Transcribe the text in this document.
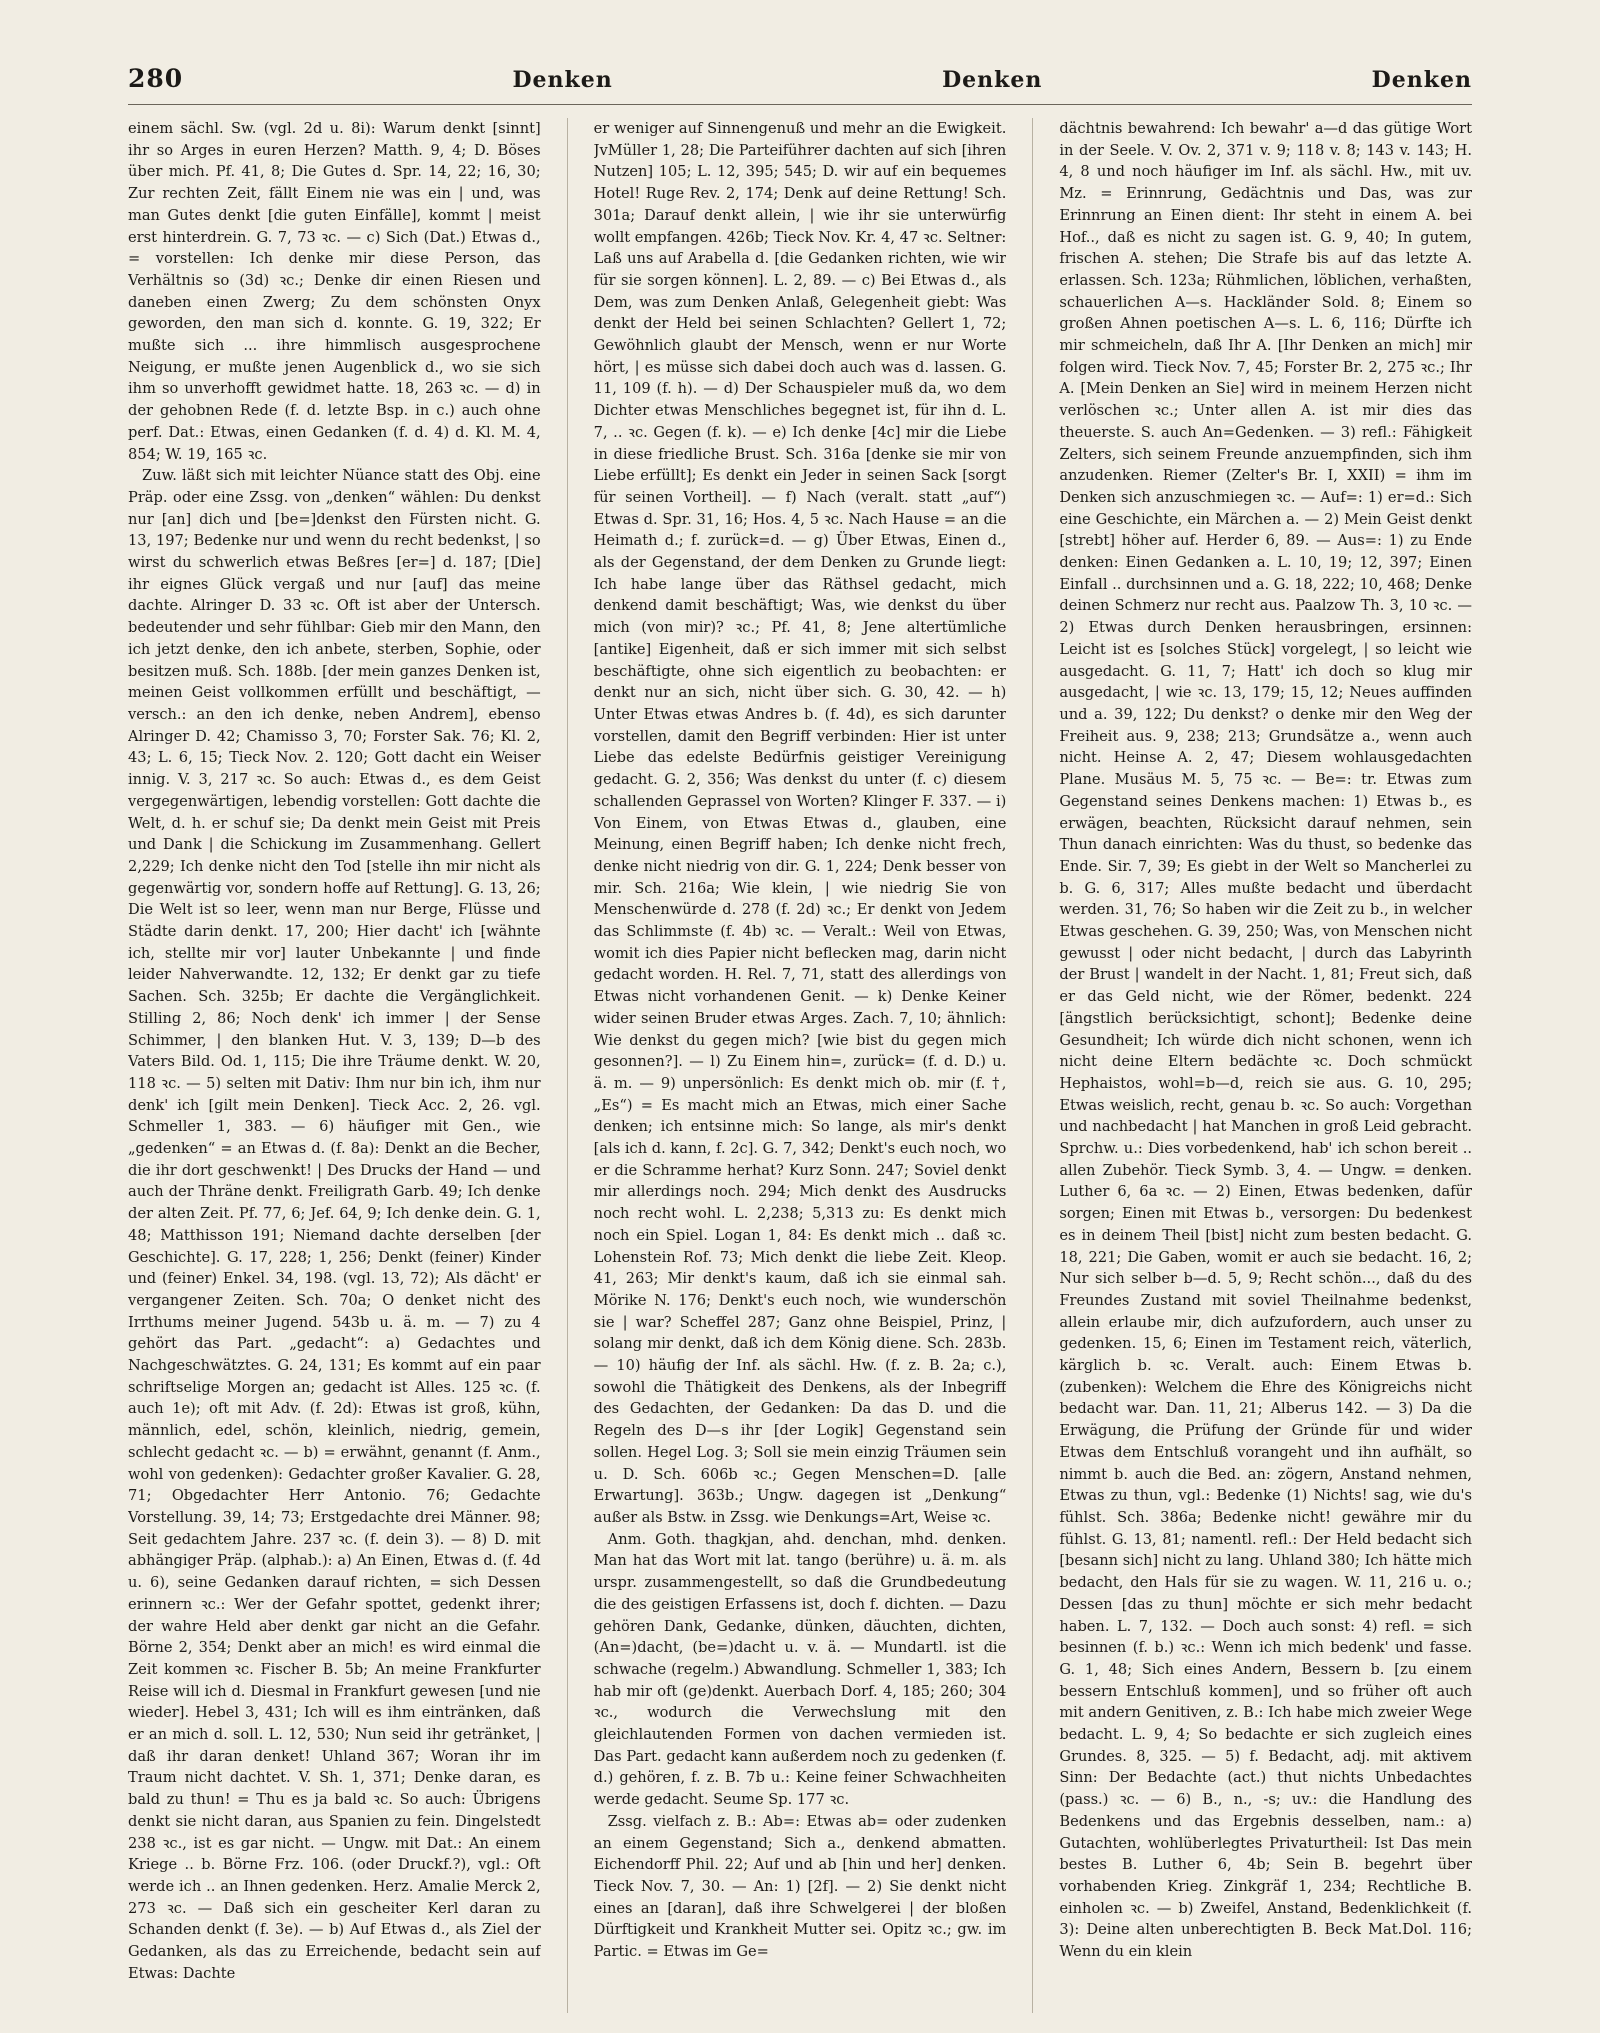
280	Denken	Denken	Denken

einem sächl. Sw. (vgl. 2d u. 8i): Warum denkt [sinnt] ihr so Arges in euren Herzen? Matth. 9, 4; D. Böses über mich. Pf. 41, 8; Die Gutes d. Spr. 14, 22; 16, 30; Zur rechten Zeit, fällt Einem nie was ein | und, was man Gutes denkt [die guten Einfälle], kommt | meist erst hinterdrein. G. 7, 73 ꝛc. — c) Sich (Dat.) Etwas d., = vorstellen: Ich denke mir diese Person, das Verhältnis so (3d) ꝛc.; Denke dir einen Riesen und daneben einen Zwerg; Zu dem schönsten Onyx geworden, den man sich d. konnte. G. 19, 322; Er mußte sich ... ihre himmlisch ausgesprochene Neigung, er mußte jenen Augenblick d., wo sie sich ihm so unverhofft gewidmet hatte. 18, 263 ꝛc. — d) in der gehobnen Rede (f. d. letzte Bsp. in c.) auch ohne perf. Dat.: Etwas, einen Gedanken (f. d. 4) d. Kl. M. 4, 854; W. 19, 165 ꝛc.

Zuw. läßt sich mit leichter Nüance statt des Obj. eine Präp. oder eine Zssg. von „denken“ wählen: Du denkst nur [an] dich und [be=]denkst den Fürsten nicht. G. 13, 197; Bedenke nur und wenn du recht bedenkst, | so wirst du schwerlich etwas Beßres [er=] d. 187; [Die] ihr eignes Glück vergaß und nur [auf] das meine dachte. Alringer D. 33 ꝛc. Oft ist aber der Untersch. bedeutender und sehr fühlbar: Gieb mir den Mann, den ich jetzt denke, den ich anbete, sterben, Sophie, oder besitzen muß. Sch. 188b. [der mein ganzes Denken ist, meinen Geist vollkommen erfüllt und beschäftigt, — versch.: an den ich denke, neben Andrem], ebenso Alringer D. 42; Chamisso 3, 70; Forster Sak. 76; Kl. 2, 43; L. 6, 15; Tieck Nov. 2. 120; Gott dacht ein Weiser innig. V. 3, 217 ꝛc. So auch: Etwas d., es dem Geist vergegenwärtigen, lebendig vorstellen: Gott dachte die Welt, d. h. er schuf sie; Da denkt mein Geist mit Preis und Dank | die Schickung im Zusammenhang. Gellert 2,229; Ich denke nicht den Tod [stelle ihn mir nicht als gegenwärtig vor, sondern hoffe auf Rettung]. G. 13, 26; Die Welt ist so leer, wenn man nur Berge, Flüsse und Städte darin denkt. 17, 200; Hier dacht' ich [wähnte ich, stellte mir vor] lauter Unbekannte | und finde leider Nahverwandte. 12, 132; Er denkt gar zu tiefe Sachen. Sch. 325b; Er dachte die Vergänglichkeit. Stilling 2, 86; Noch denk' ich immer | der Sense Schimmer, | den blanken Hut. V. 3, 139; D—b des Vaters Bild. Od. 1, 115; Die ihre Träume denkt. W. 20, 118 ꝛc. — 5) selten mit Dativ: Ihm nur bin ich, ihm nur denk' ich [gilt mein Denken]. Tieck Acc. 2, 26. vgl. Schmeller 1, 383. — 6) häufiger mit Gen., wie „gedenken“ = an Etwas d. (f. 8a): Denkt an die Becher, die ihr dort geschwenkt! | Des Drucks der Hand — und auch der Thräne denkt. Freiligrath Garb. 49; Ich denke der alten Zeit. Pf. 77, 6; Jef. 64, 9; Ich denke dein. G. 1, 48; Matthisson 191; Niemand dachte derselben [der Geschichte]. G. 17, 228; 1, 256; Denkt (feiner) Kinder und (feiner) Enkel. 34, 198. (vgl. 13, 72); Als dächt' er vergangener Zeiten. Sch. 70a; O denket nicht des Irrthums meiner Jugend. 543b u. ä. m. — 7) zu 4 gehört das Part. „gedacht“: a) Gedachtes und Nachgeschwätztes. G. 24, 131; Es kommt auf ein paar schriftselige Morgen an; gedacht ist Alles. 125 ꝛc. (f. auch 1e); oft mit Adv. (f. 2d): Etwas ist groß, kühn, männlich, edel, schön, kleinlich, niedrig, gemein, schlecht gedacht ꝛc. — b) = erwähnt, genannt (f. Anm., wohl von gedenken): Gedachter großer Kavalier. G. 28, 71; Obgedachter Herr Antonio. 76; Gedachte Vorstellung. 39, 14; 73; Erstgedachte drei Männer. 98; Seit gedachtem Jahre. 237 ꝛc. (f. dein 3). — 8) D. mit abhängiger Präp. (alphab.): a) An Einen, Etwas d. (f. 4d u. 6), seine Gedanken darauf richten, = sich Dessen erinnern ꝛc.: Wer der Gefahr spottet, gedenkt ihrer; der wahre Held aber denkt gar nicht an die Gefahr. Börne 2, 354; Denkt aber an mich! es wird einmal die Zeit kommen ꝛc. Fischer B. 5b; An meine Frankfurter Reise will ich d. Diesmal in Frankfurt gewesen [und nie wieder]. Hebel 3, 431; Ich will es ihm eintränken, daß er an mich d. soll. L. 12, 530; Nun seid ihr getränket, | daß ihr daran denket! Uhland 367; Woran ihr im Traum nicht dachtet. V. Sh. 1, 371; Denke daran, es bald zu thun! = Thu es ja bald ꝛc. So auch: Übrigens denkt sie nicht daran, aus Spanien zu fein. Dingelstedt 238 ꝛc., ist es gar nicht. — Ungw. mit Dat.: An einem Kriege .. b. Börne Frz. 106. (oder Druckf.?), vgl.: Oft werde ich .. an Ihnen gedenken. Herz. Amalie Merck 2, 273 ꝛc. — Daß sich ein gescheiter Kerl daran zu Schanden denkt (f. 3e). — b) Auf Etwas d., als Ziel der Gedanken, als das zu Erreichende, bedacht sein auf Etwas: Dachte

er weniger auf Sinnengenuß und mehr an die Ewigkeit. JvMüller 1, 28; Die Parteiführer dachten auf sich [ihren Nutzen] 105; L. 12, 395; 545; D. wir auf ein bequemes Hotel! Ruge Rev. 2, 174; Denk auf deine Rettung! Sch. 301a; Darauf denkt allein, | wie ihr sie unterwürfig wollt empfangen. 426b; Tieck Nov. Kr. 4, 47 ꝛc. Seltner: Laß uns auf Arabella d. [die Gedanken richten, wie wir für sie sorgen können]. L. 2, 89. — c) Bei Etwas d., als Dem, was zum Denken Anlaß, Gelegenheit giebt: Was denkt der Held bei seinen Schlachten? Gellert 1, 72; Gewöhnlich glaubt der Mensch, wenn er nur Worte hört, | es müsse sich dabei doch auch was d. lassen. G. 11, 109 (f. h). — d) Der Schauspieler muß da, wo dem Dichter etwas Menschliches begegnet ist, für ihn d. L. 7, .. ꝛc. Gegen (f. k). — e) Ich denke [4c] mir die Liebe in diese friedliche Brust. Sch. 316a [denke sie mir von Liebe erfüllt]; Es denkt ein Jeder in seinen Sack [sorgt für seinen Vortheil]. — f) Nach (veralt. statt „auf“) Etwas d. Spr. 31, 16; Hos. 4, 5 ꝛc. Nach Hause = an die Heimath d.; f. zurück=d. — g) Über Etwas, Einen d., als der Gegenstand, der dem Denken zu Grunde liegt: Ich habe lange über das Räthsel gedacht, mich denkend damit beschäftigt; Was, wie denkst du über mich (von mir)? ꝛc.; Pf. 41, 8; Jene altertümliche [antike] Eigenheit, daß er sich immer mit sich selbst beschäftigte, ohne sich eigentlich zu beobachten: er denkt nur an sich, nicht über sich. G. 30, 42. — h) Unter Etwas etwas Andres b. (f. 4d), es sich darunter vorstellen, damit den Begriff verbinden: Hier ist unter Liebe das edelste Bedürfnis geistiger Vereinigung gedacht. G. 2, 356; Was denkst du unter (f. c) diesem schallenden Geprassel von Worten? Klinger F. 337. — i) Von Einem, von Etwas Etwas d., glauben, eine Meinung, einen Begriff haben; Ich denke nicht frech, denke nicht niedrig von dir. G. 1, 224; Denk besser von mir. Sch. 216a; Wie klein, | wie niedrig Sie von Menschenwürde d. 278 (f. 2d) ꝛc.; Er denkt von Jedem das Schlimmste (f. 4b) ꝛc. — Veralt.: Weil von Etwas, womit ich dies Papier nicht beflecken mag, darin nicht gedacht worden. H. Rel. 7, 71, statt des allerdings von Etwas nicht vorhandenen Genit. — k) Denke Keiner wider seinen Bruder etwas Arges. Zach. 7, 10; ähnlich: Wie denkst du gegen mich? [wie bist du gegen mich gesonnen?]. — l) Zu Einem hin=, zurück= (f. d. D.) u. ä. m. — 9) unpersönlich: Es denkt mich ob. mir (f. †,„Es“) = Es macht mich an Etwas, mich einer Sache denken; ich entsinne mich: So lange, als mir's denkt [als ich d. kann, f. 2c]. G. 7, 342; Denkt's euch noch, wo er die Schramme herhat? Kurz Sonn. 247; Soviel denkt mir allerdings noch. 294; Mich denkt des Ausdrucks noch recht wohl. L. 2,238; 5,313 zu: Es denkt mich noch ein Spiel. Logan 1, 84: Es denkt mich .. daß ꝛc. Lohenstein Rof. 73; Mich denkt die liebe Zeit. Kleop. 41, 263; Mir denkt's kaum, daß ich sie einmal sah. Mörike N. 176; Denkt's euch noch, wie wunderschön sie | war? Scheffel 287; Ganz ohne Beispiel, Prinz, | solang mir denkt, daß ich dem König diene. Sch. 283b. — 10) häufig der Inf. als sächl. Hw. (f. z. B. 2a; c.), sowohl die Thätigkeit des Denkens, als der Inbegriff des Gedachten, der Gedanken: Da das D. und die Regeln des D—s ihr [der Logik] Gegenstand sein sollen. Hegel Log. 3; Soll sie mein einzig Träumen sein u. D. Sch. 606b ꝛc.; Gegen Menschen=D. [alle Erwartung]. 363b.; Ungw. dagegen ist „Denkung“ außer als Bstw. in Zssg. wie Denkungs=Art, Weise ꝛc.

Anm. Goth. thagkjan, ahd. denchan, mhd. denken. Man hat das Wort mit lat. tango (berühre) u. ä. m. als urspr. zusammengestellt, so daß die Grundbedeutung die des geistigen Erfassens ist, doch f. dichten. — Dazu gehören Dank, Gedanke, dünken, däuchten, dichten, (An=)dacht, (be=)dacht u. v. ä. — Mundartl. ist die schwache (regelm.) Abwandlung. Schmeller 1, 383; Ich hab mir oft (ge)denkt. Auerbach Dorf. 4, 185; 260; 304 ꝛc., wodurch die Verwechslung mit den gleichlautenden Formen von dachen vermieden ist. Das Part. gedacht kann außerdem noch zu gedenken (f. d.) gehören, f. z. B. 7b u.: Keine feiner Schwachheiten werde gedacht. Seume Sp. 177 ꝛc.

Zssg. vielfach z. B.: Ab=: Etwas ab= oder zudenken an einem Gegenstand; Sich a., denkend abmatten. Eichendorff Phil. 22; Auf und ab [hin und her] denken. Tieck Nov. 7, 30. — An: 1) [2f]. — 2) Sie denkt nicht eines an [daran], daß ihre Schwelgerei | der bloßen Dürftigkeit und Krankheit Mutter sei. Opitz ꝛc.; gw. im Partic. = Etwas im Ge=

dächtnis bewahrend: Ich bewahr' a—d das gütige Wort in der Seele. V. Ov. 2, 371 v. 9; 118 v. 8; 143 v. 143; H. 4, 8 und noch häufiger im Inf. als sächl. Hw., mit uv. Mz. = Erinnrung, Gedächtnis und Das, was zur Erinnrung an Einen dient: Ihr steht in einem A. bei Hof.., daß es nicht zu sagen ist. G. 9, 40; In gutem, frischen A. stehen; Die Strafe bis auf das letzte A. erlassen. Sch. 123a; Rühmlichen, löblichen, verhaßten, schauerlichen A—s. Hackländer Sold. 8; Einem so großen Ahnen poetischen A—s. L. 6, 116; Dürfte ich mir schmeicheln, daß Ihr A. [Ihr Denken an mich] mir folgen wird. Tieck Nov. 7, 45; Forster Br. 2, 275 ꝛc.; Ihr A. [Mein Denken an Sie] wird in meinem Herzen nicht verlöschen ꝛc.; Unter allen A. ist mir dies das theuerste. S. auch An=Gedenken. — 3) refl.: Fähigkeit Zelters, sich seinem Freunde anzuempfinden, sich ihm anzudenken. Riemer (Zelter's Br. I, XXII) = ihm im Denken sich anzuschmiegen ꝛc. — Auf=: 1) er=d.: Sich eine Geschichte, ein Märchen a. — 2) Mein Geist denkt [strebt] höher auf. Herder 6, 89. — Aus=: 1) zu Ende denken: Einen Gedanken a. L. 10, 19; 12, 397; Einen Einfall .. durchsinnen und a. G. 18, 222; 10, 468; Denke deinen Schmerz nur recht aus. Paalzow Th. 3, 10 ꝛc. — 2) Etwas durch Denken herausbringen, ersinnen: Leicht ist es [solches Stück] vorgelegt, | so leicht wie ausgedacht. G. 11, 7; Hatt' ich doch so klug mir ausgedacht, | wie ꝛc. 13, 179; 15, 12; Neues auffinden und a. 39, 122; Du denkst? o denke mir den Weg der Freiheit aus. 9, 238; 213; Grundsätze a., wenn auch nicht. Heinse A. 2, 47; Diesem wohlausgedachten Plane. Musäus M. 5, 75 ꝛc. — Be=: tr. Etwas zum Gegenstand seines Denkens machen: 1) Etwas b., es erwägen, beachten, Rücksicht darauf nehmen, sein Thun danach einrichten: Was du thust, so bedenke das Ende. Sir. 7, 39; Es giebt in der Welt so Mancherlei zu b. G. 6, 317; Alles mußte bedacht und überdacht werden. 31, 76; So haben wir die Zeit zu b., in welcher Etwas geschehen. G. 39, 250; Was, von Menschen nicht gewusst | oder nicht bedacht, | durch das Labyrinth der Brust | wandelt in der Nacht. 1, 81; Freut sich, daß er das Geld nicht, wie der Römer, bedenkt. 224 [ängstlich berücksichtigt, schont]; Bedenke deine Gesundheit; Ich würde dich nicht schonen, wenn ich nicht deine Eltern bedächte ꝛc. Doch schmückt Hephaistos, wohl=b—d, reich sie aus. G. 10, 295; Etwas weislich, recht, genau b. ꝛc. So auch: Vorgethan und nachbedacht | hat Manchen in groß Leid gebracht. Sprchw. u.: Dies vorbedenkend, hab' ich schon bereit .. allen Zubehör. Tieck Symb. 3, 4. — Ungw. = denken. Luther 6, 6a ꝛc. — 2) Einen, Etwas bedenken, dafür sorgen; Einen mit Etwas b., versorgen: Du bedenkest es in deinem Theil [bist] nicht zum besten bedacht. G. 18, 221; Die Gaben, womit er auch sie bedacht. 16, 2; Nur sich selber b—d. 5, 9; Recht schön..., daß du des Freundes Zustand mit soviel Theilnahme bedenkst, allein erlaube mir, dich aufzufordern, auch unser zu gedenken. 15, 6; Einen im Testament reich, väterlich, kärglich b. ꝛc. Veralt. auch: Einem Etwas b. (zubenken): Welchem die Ehre des Königreichs nicht bedacht war. Dan. 11, 21; Alberus 142. — 3) Da die Erwägung, die Prüfung der Gründe für und wider Etwas dem Entschluß vorangeht und ihn aufhält, so nimmt b. auch die Bed. an: zögern, Anstand nehmen, Etwas zu thun, vgl.: Bedenke (1) Nichts! sag, wie du's fühlst. Sch. 386a; Bedenke nicht! gewähre mir du fühlst. G. 13, 81; namentl. refl.: Der Held bedacht sich [besann sich] nicht zu lang. Uhland 380; Ich hätte mich bedacht, den Hals für sie zu wagen. W. 11, 216 u. o.; Dessen [das zu thun] möchte er sich mehr bedacht haben. L. 7, 132. — Doch auch sonst: 4) refl. = sich besinnen (f. b.) ꝛc.: Wenn ich mich bedenk' und fasse. G. 1, 48; Sich eines Andern, Bessern b. [zu einem bessern Entschluß kommen], und so früher oft auch mit andern Genitiven, z. B.: Ich habe mich zweier Wege bedacht. L. 9, 4; So bedachte er sich zugleich eines Grundes. 8, 325. — 5) f. Bedacht, adj. mit aktivem Sinn: Der Bedachte (act.) thut nichts Unbedachtes (pass.) ꝛc. — 6) B., n., -s; uv.: die Handlung des Bedenkens und das Ergebnis desselben, nam.: a) Gutachten, wohlüberlegtes Privaturtheil: Ist Das mein bestes B. Luther 6, 4b; Sein B. begehrt über vorhabenden Krieg. Zinkgräf 1, 234; Rechtliche B. einholen ꝛc. — b) Zweifel, Anstand, Bedenklichkeit (f. 3): Deine alten unberechtigten B. Beck Mat.Dol. 116; Wenn du ein klein
